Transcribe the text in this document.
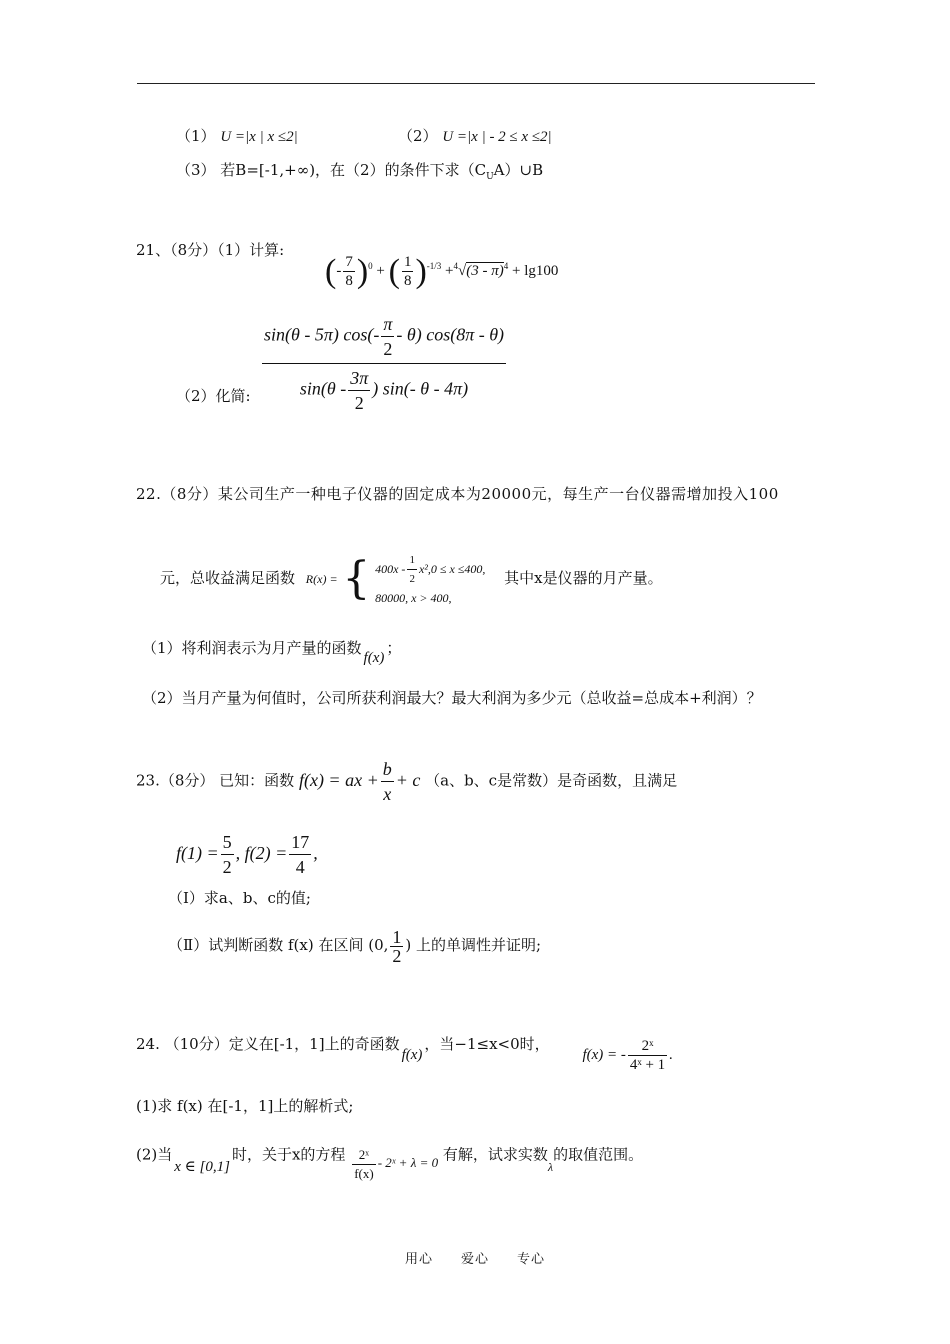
（1） U =|x | x ≤2|	（2） U =|x | - 2 ≤ x ≤2|
（3） 若B=[-1,+∞)，在（2）的条件下求$(C_UA)\cup B$
21、（8分）（1）计算:
(- $\frac{7}{8} )^0$ + ( $\frac{1}{8} )^{-1/3} +^4√(3 - \pi)^4 + \lg 100$
$\frac{\sin(\theta - 5\pi) \cos(- \frac{\pi}{2} - \theta) \cos(8\pi - \theta)}{\sin(\theta - \frac{3\pi}{2} ) \sin(- \theta - 4\pi)}$
（2）化简:
22.（8分）某公司生产一种电子仪器的固定成本为20000元，每生产一台仪器需增加投入100
元，总收益满足函数 R(x) = { $400x - \frac{1}{2} x^2,0 \le x \le 400$,
80000, x > 400,
其中x是仪器的月产量。
（1）将利润表示为月产量的函数f(x)；
（2）当月产量为何值时，公司所获利润最大？最大利润为多少元（总收益=总成本+利润）？
23.（8分） 已知：函数 f(x) = ax + $\frac{b}{x} + c$ （a、b、c是常数）是奇函数，且满足
$f(1) = \frac{5}{2}$ , $f(2) = \frac{17}{4}$ ,
（Ⅰ）求a、b、c的值;
（Ⅱ）试判断函数 f(x) 在区间 (0, $\frac{1}{2}$ ) 上的单调性并证明;
24. （10分）定义在[-1，1]上的奇函数f(x)，当−1≤x<0时， f(x) = - $\frac{\text{2ˣ}}{\text{4ˣ + 1}}$ .
(1)求 f(x) 在[-1，1]上的解析式;
(2)当x ∈ [0,1]时，关于x的方程 $\frac{\text{2ˣ}}{f(x)}$ - 2ˣ + λ = 0 有解，试求实数$_\lambda$的取值范围。
用心 爱心 专心
